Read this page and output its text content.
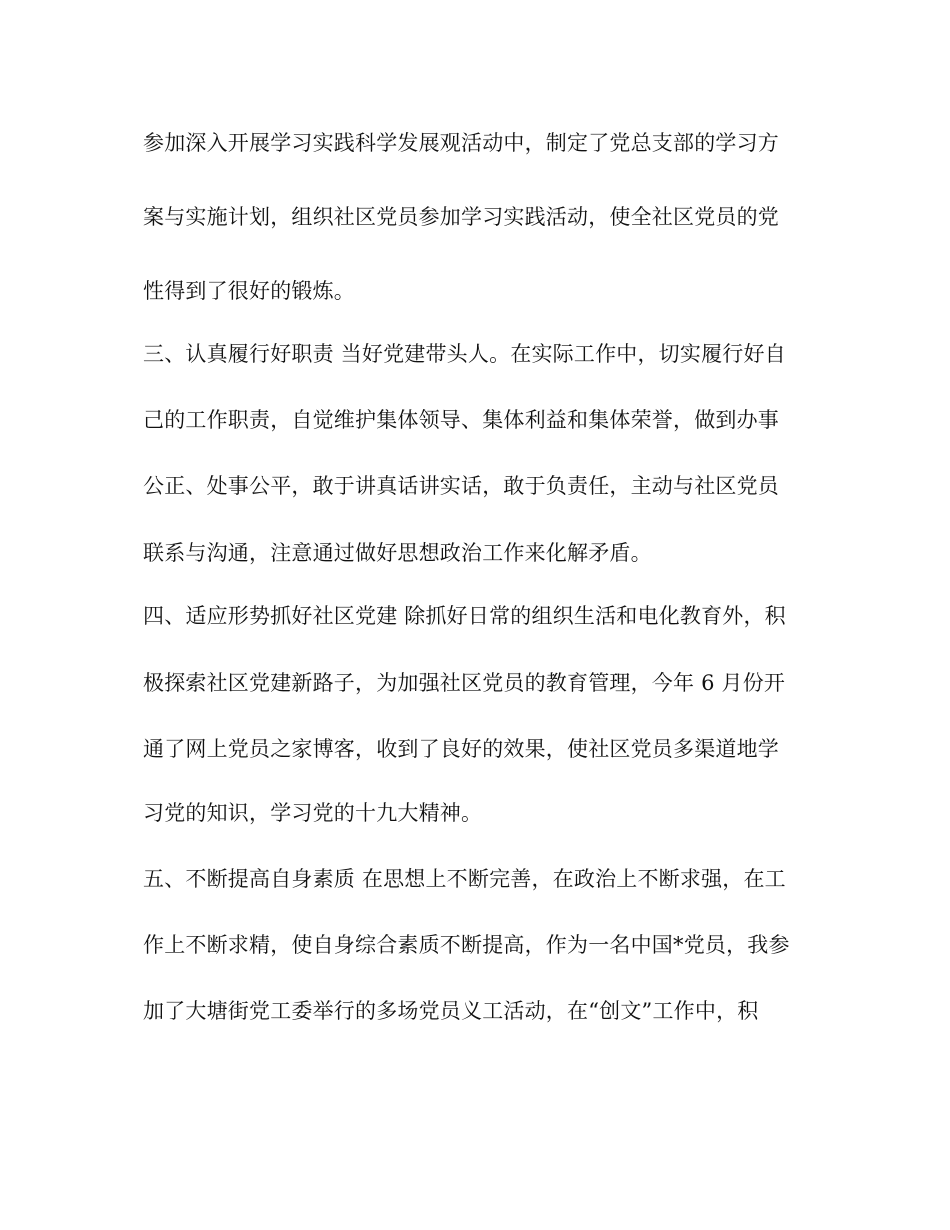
参加深入开展学习实践科学发展观活动中，制定了党总支部的学习方
案与实施计划，组织社区党员参加学习实践活动，使全社区党员的党
性得到了很好的锻炼。
三、认真履行好职责 当好党建带头人。在实际工作中，切实履行好自
己的工作职责，自觉维护集体领导、集体利益和集体荣誉，做到办事
公正、处事公平，敢于讲真话讲实话，敢于负责任，主动与社区党员
联系与沟通，注意通过做好思想政治工作来化解矛盾。
四、适应形势抓好社区党建 除抓好日常的组织生活和电化教育外，积
极探索社区党建新路子，为加强社区党员的教育管理，今年 6 月份开
通了网上党员之家博客，收到了良好的效果，使社区党员多渠道地学
习党的知识，学习党的十九大精神。
五、不断提高自身素质 在思想上不断完善，在政治上不断求强，在工
作上不断求精，使自身综合素质不断提高，作为一名中国*党员，我参
加了大塘街党工委举行的多场党员义工活动，在“创文”工作中，积
